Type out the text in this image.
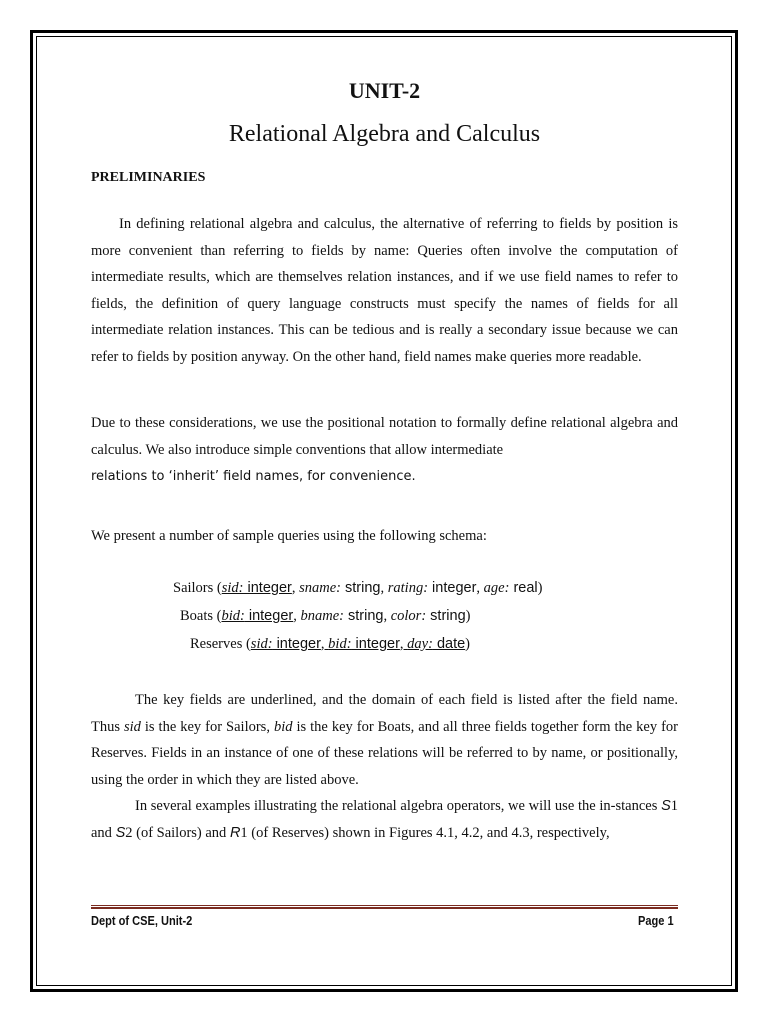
UNIT-2
Relational Algebra and Calculus
PRELIMINARIES

In defining relational algebra and calculus, the alternative of referring to fields by position is more convenient than referring to fields by name: Queries often involve the computation of intermediate results, which are themselves relation instances, and if we use field names to refer to fields, the definition of query language constructs must specify the names of fields for all intermediate relation instances. This can be tedious and is really a secondary issue because we can refer to fields by position anyway. On the other hand, field names make queries more readable.

Due to these considerations, we use the positional notation to formally define relational algebra and calculus. We also introduce simple conventions that allow intermediate

relations to ‘inherit’ field names, for convenience.

We present a number of sample queries using the following schema:

Sailors (sid: integer, sname: string, rating: integer, age: real)
Boats (bid: integer, bname: string, color: string)
Reserves (sid: integer, bid: integer, day: date)

The key fields are underlined, and the domain of each field is listed after the field name. Thus sid is the key for Sailors, bid is the key for Boats, and all three fields together form the key for Reserves. Fields in an instance of one of these relations will be referred to by name, or positionally, using the order in which they are listed above.

In several examples illustrating the relational algebra operators, we will use the in-stances S1 and S2 (of Sailors) and R1 (of Reserves) shown in Figures 4.1, 4.2, and 4.3, respectively,

Dept of CSE, Unit-2	Page 1
